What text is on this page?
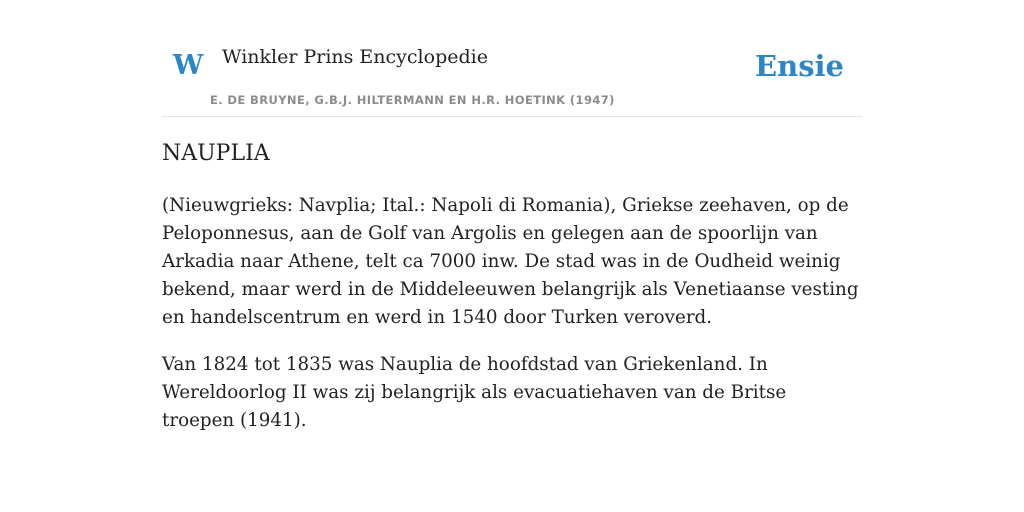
W Winkler Prins Encyclopedie
E. DE BRUYNE, G.B.J. HILTERMANN EN H.R. HOETINK (1947)
Ensie
NAUPLIA

(Nieuwgrieks: Navplia; Ital.: Napoli di Romania), Griekse zeehaven, op de Peloponnesus, aan de Golf van Argolis en gelegen aan de spoorlijn van Arkadia naar Athene, telt ca 7000 inw. De stad was in de Oudheid weinig bekend, maar werd in de Middeleeuwen belangrijk als Venetiaanse vesting en handelscentrum en werd in 1540 door Turken veroverd.

Van 1824 tot 1835 was Nauplia de hoofdstad van Griekenland. In Wereldoorlog II was zij belangrijk als evacuatiehaven van de Britse troepen (1941).
